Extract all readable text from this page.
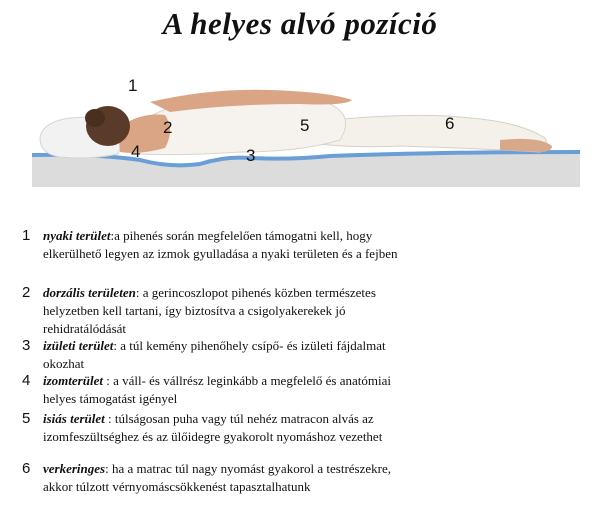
A helyes alvó pozíció
1
2
3
4
5	6
1 nyaki terület:a pihenés során megfelelően támogatni kell, hogy elkerülhető legyen az izmok gyulladása a nyaki területen és a fejben
2 dorzális területen: a gerincoszlopot pihenés közben természetes helyzetben kell tartani, így biztosítva a csigolyakerekek jó rehidratálódását
3 izületi terület: a túl kemény pihenőhely csípő- és izületi fájdalmat okozhat
4 izomterület : a váll- és vállrész leginkább a megfelelő és anatómiai helyes támogatást igényel
5 isiás terület : túlságosan puha vagy túl nehéz matracon alvás az izomfeszültséghez és az ülőidegre gyakorolt nyomáshoz vezethet
6 verkeringes: ha a matrac túl nagy nyomást gyakorol a testrészekre, akkor túlzott vérnyomáscsökkenést tapasztalhatunk
